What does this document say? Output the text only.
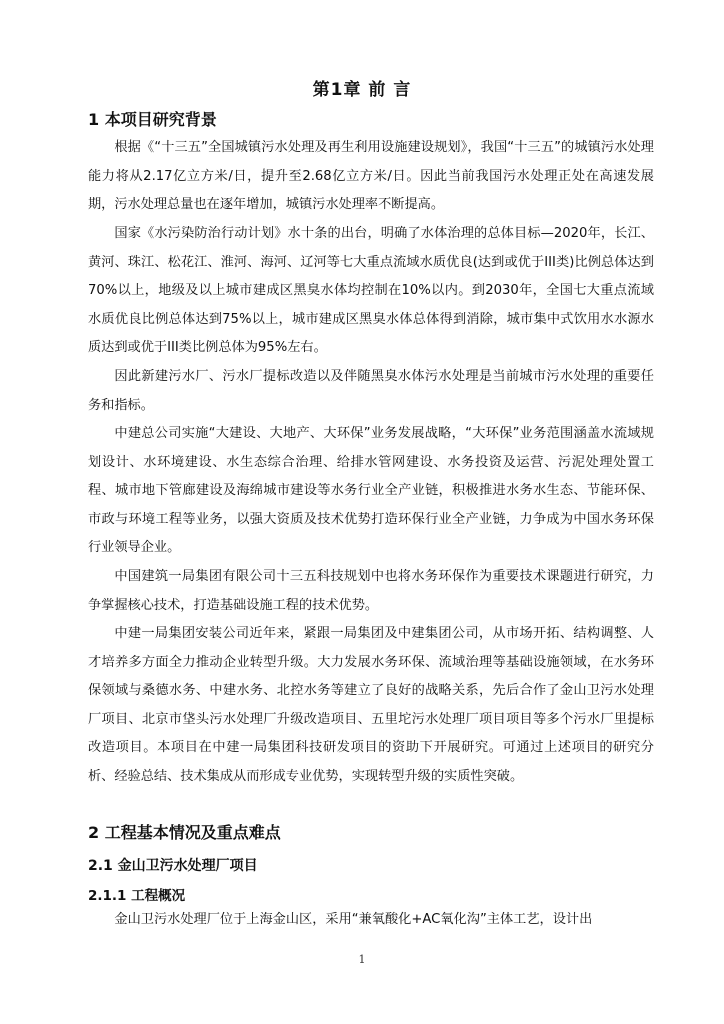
第1章 前 言
1 本项目研究背景

根据《“十三五”全国城镇污水处理及再生利用设施建设规划》，我国“十三五”的城镇污水处理能力将从2.17亿立方米/日，提升至2.68亿立方米/日。因此当前我国污水处理正处在高速发展期，污水处理总量也在逐年增加，城镇污水处理率不断提高。

国家《水污染防治行动计划》水十条的出台，明确了水体治理的总体目标—2020年，长江、黄河、珠江、松花江、淮河、海河、辽河等七大重点流域水质优良(达到或优于III类)比例总体达到70%以上，地级及以上城市建成区黑臭水体均控制在10%以内。到2030年，全国七大重点流域水质优良比例总体达到75%以上，城市建成区黑臭水体总体得到消除，城市集中式饮用水水源水质达到或优于III类比例总体为95%左右。

因此新建污水厂、污水厂提标改造以及伴随黑臭水体污水处理是当前城市污水处理的重要任务和指标。

中建总公司实施“大建设、大地产、大环保”业务发展战略，“大环保”业务范围涵盖水流域规划设计、水环境建设、水生态综合治理、给排水管网建设、水务投资及运营、污泥处理处置工程、城市地下管廊建设及海绵城市建设等水务行业全产业链，积极推进水务水生态、节能环保、市政与环境工程等业务，以强大资质及技术优势打造环保行业全产业链，力争成为中国水务环保行业领导企业。

中国建筑一局集团有限公司十三五科技规划中也将水务环保作为重要技术课题进行研究，力争掌握核心技术，打造基础设施工程的技术优势。

中建一局集团安装公司近年来，紧跟一局集团及中建集团公司，从市场开拓、结构调整、人才培养多方面全力推动企业转型升级。大力发展水务环保、流域治理等基础设施领域，在水务环保领域与桑德水务、中建水务、北控水务等建立了良好的战略关系，先后合作了金山卫污水处理厂项目、北京市垡头污水处理厂升级改造项目、五里坨污水处理厂项目项目等多个污水厂里提标改造项目。本项目在中建一局集团科技研发项目的资助下开展研究。可通过上述项目的研究分析、经验总结、技术集成从而形成专业优势，实现转型升级的实质性突破。

2 工程基本情况及重点难点
2.1 金山卫污水处理厂项目
2.1.1 工程概况

金山卫污水处理厂位于上海金山区，采用“兼氧酸化+AC氧化沟”主体工艺，设计出

1
